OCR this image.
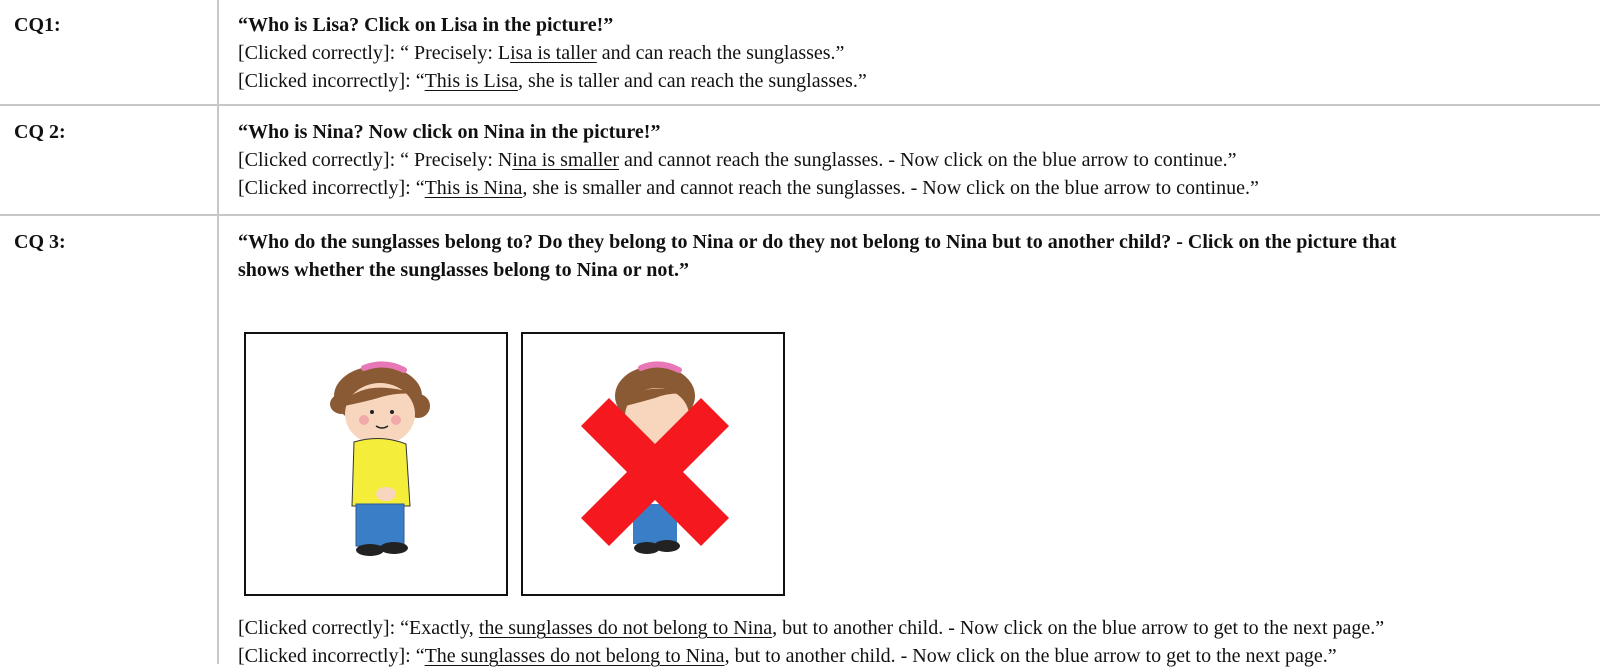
CQ1:	“Who is Lisa? Click on Lisa in the picture!”
[Clicked correctly]: “ Precisely: Lisa is taller and can reach the sunglasses.”
[Clicked incorrectly]: “This is Lisa, she is taller and can reach the sunglasses.”
CQ 2:	“Who is Nina? Now click on Nina in the picture!”
[Clicked correctly]: “ Precisely: Nina is smaller and cannot reach the sunglasses. - Now click on the blue arrow to continue.”
[Clicked incorrectly]: “This is Nina, she is smaller and cannot reach the sunglasses. - Now click on the blue arrow to continue.”
CQ 3:	“Who do the sunglasses belong to? Do they belong to Nina or do they not belong to Nina but to another child? - Click on the picture that
shows whether the sunglasses belong to Nina or not.”
[Clicked correctly]: “Exactly, the sunglasses do not belong to Nina, but to another child. - Now click on the blue arrow to get to the next page.”
[Clicked incorrectly]: “The sunglasses do not belong to Nina, but to another child. - Now click on the blue arrow to get to the next page.”
